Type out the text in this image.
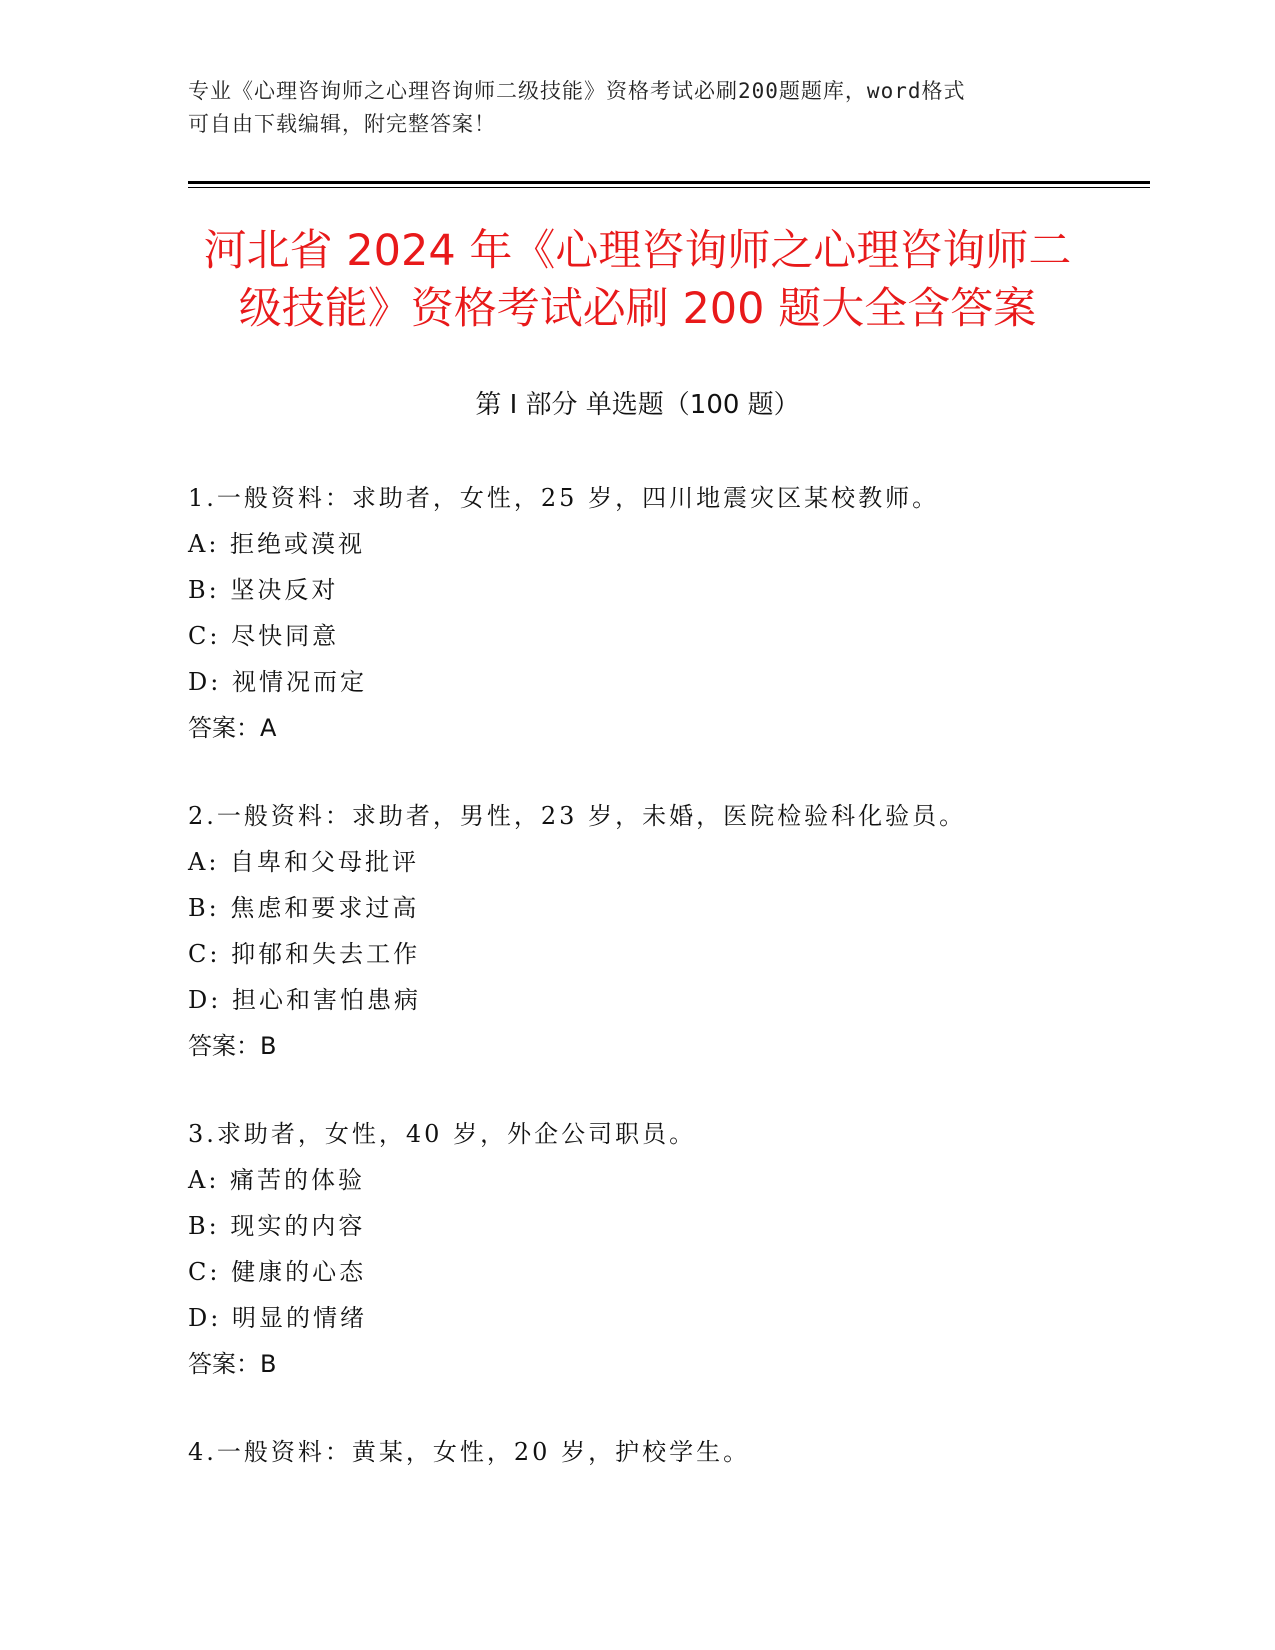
专业《心理咨询师之心理咨询师二级技能》资格考试必刷200题题库，word格式
可自由下载编辑，附完整答案！
河北省 2024 年《心理咨询师之心理咨询师二
级技能》资格考试必刷 200 题大全含答案
第 I 部分 单选题（100 题）
1.一般资料：求助者，女性，25 岁，四川地震灾区某校教师。
A: 拒绝或漠视
B: 坚决反对
C: 尽快同意
D: 视情况而定
答案：A
2.一般资料：求助者，男性，23 岁，未婚，医院检验科化验员。
A: 自卑和父母批评
B: 焦虑和要求过高
C: 抑郁和失去工作
D: 担心和害怕患病
答案：B
3.求助者，女性，40 岁，外企公司职员。
A: 痛苦的体验
B: 现实的内容
C: 健康的心态
D: 明显的情绪
答案：B
4.一般资料：黄某，女性，20 岁，护校学生。
